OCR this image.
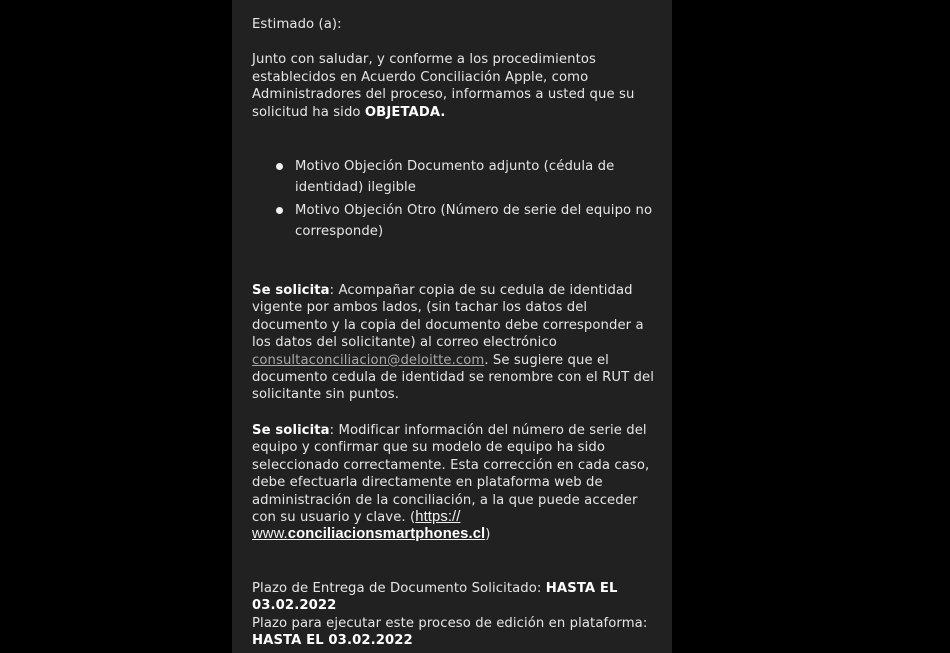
Estimado (a):

Junto con saludar, y conforme a los procedimientos establecidos en Acuerdo Conciliación Apple, como Administradores del proceso, informamos a usted que su solicitud ha sido OBJETADA.

Motivo Objeción Documento adjunto (cédula de identidad) ilegible
Motivo Objeción Otro (Número de serie del equipo no corresponde)

Se solicita: Acompañar copia de su cedula de identidad vigente por ambos lados, (sin tachar los datos del documento y la copia del documento debe corresponder a los datos del solicitante) al correo electrónico consultaconciliacion@deloitte.com. Se sugiere que el documento cedula de identidad se renombre con el RUT del solicitante sin puntos.

Se solicita: Modificar información del número de serie del equipo y confirmar que su modelo de equipo ha sido seleccionado correctamente. Esta corrección en cada caso, debe efectuarla directamente en plataforma web de administración de la conciliación, a la que puede acceder con su usuario y clave. (https://
www.conciliacionsmartphones.cl)

Plazo de Entrega de Documento Solicitado: HASTA EL 03.02.2022

Plazo para ejecutar este proceso de edición en plataforma: HASTA EL 03.02.2022
